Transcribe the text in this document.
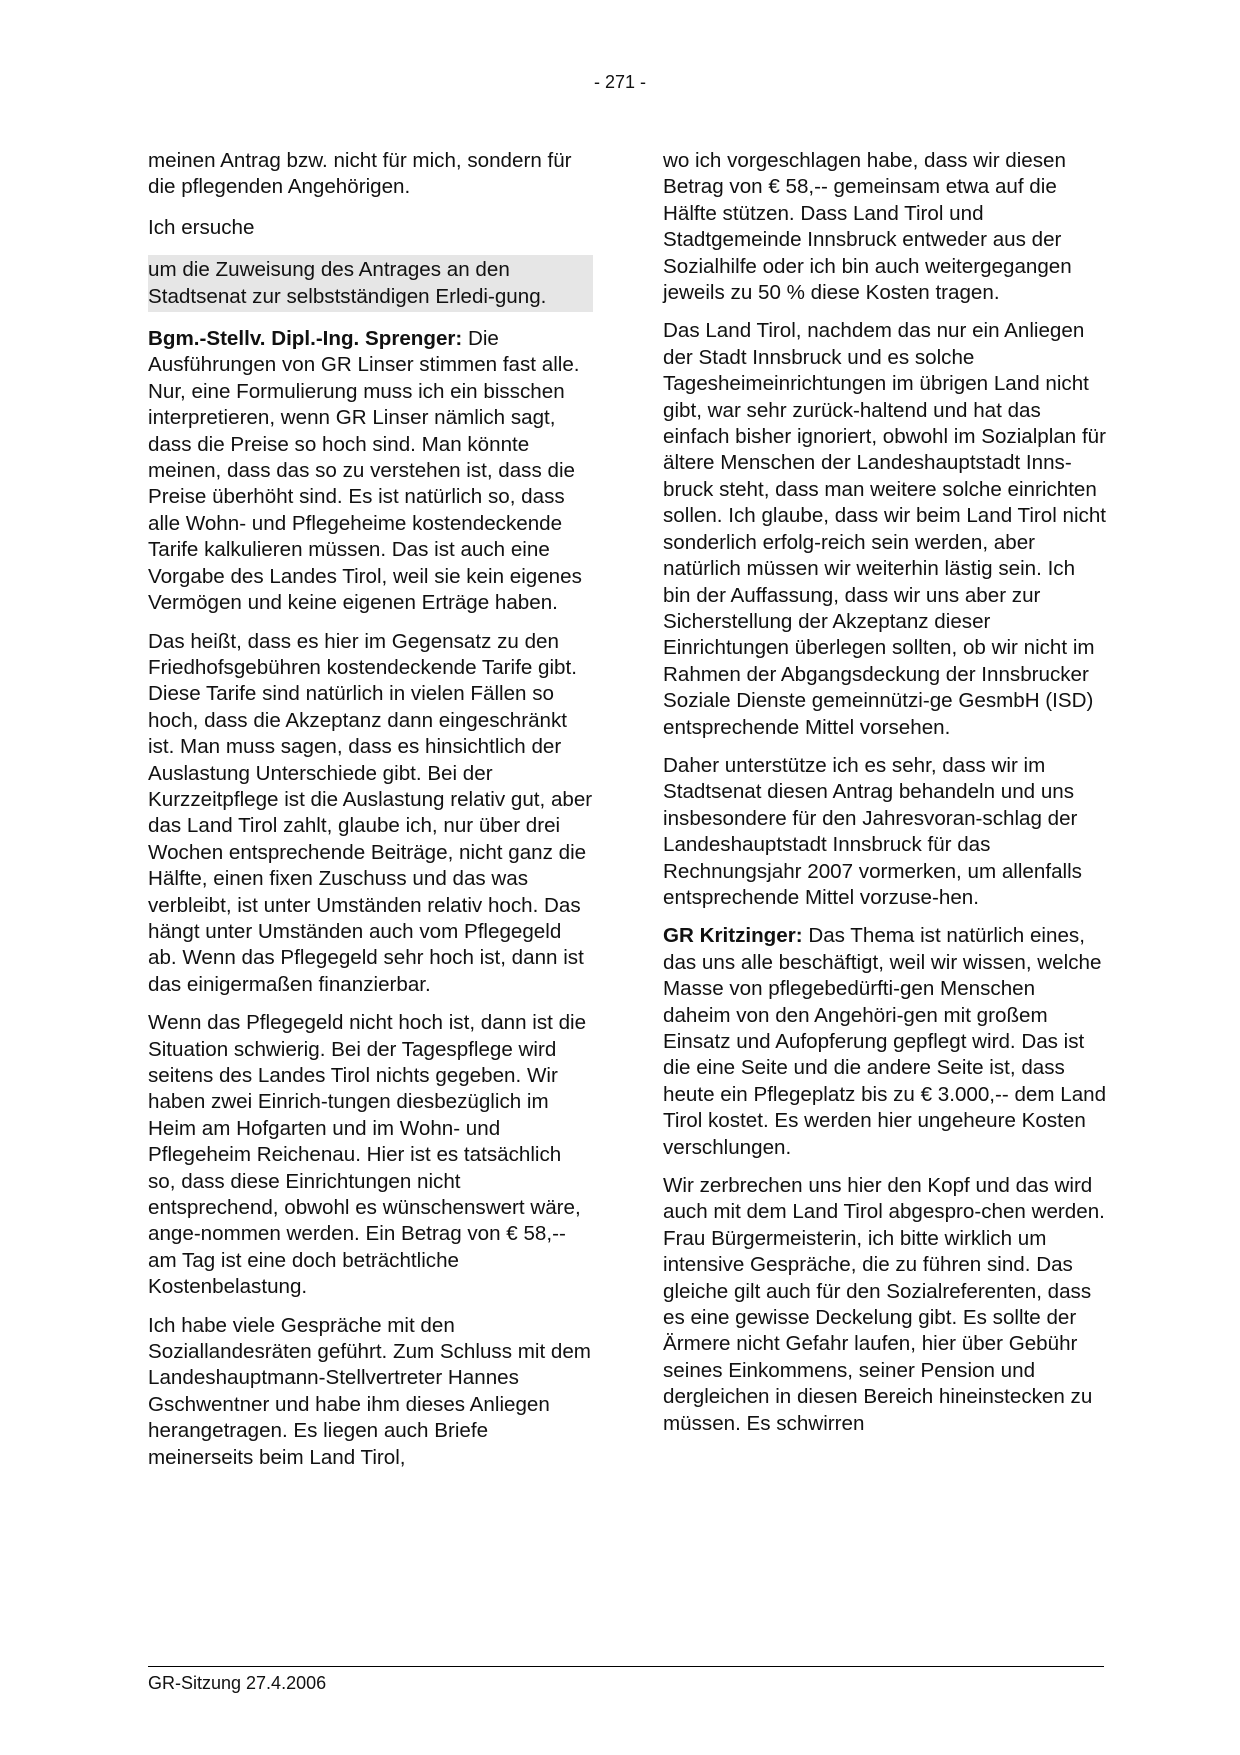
- 271 -

meinen Antrag bzw. nicht für mich, sondern für die pflegenden Angehörigen.

Ich ersuche

um die Zuweisung des Antrages an den Stadtsenat zur selbstständigen Erledi-gung.

Bgm.-Stellv. Dipl.-Ing. Sprenger: Die Ausführungen von GR Linser stimmen fast alle. Nur, eine Formulierung muss ich ein bisschen interpretieren, wenn GR Linser nämlich sagt, dass die Preise so hoch sind. Man könnte meinen, dass das so zu verstehen ist, dass die Preise überhöht sind. Es ist natürlich so, dass alle Wohn- und Pflegeheime kostendeckende Tarife kalkulieren müssen. Das ist auch eine Vorgabe des Landes Tirol, weil sie kein eigenes Vermögen und keine eigenen Erträge haben.

Das heißt, dass es hier im Gegensatz zu den Friedhofsgebühren kostendeckende Tarife gibt. Diese Tarife sind natürlich in vielen Fällen so hoch, dass die Akzeptanz dann eingeschränkt ist. Man muss sagen, dass es hinsichtlich der Auslastung Unterschiede gibt. Bei der Kurzzeitpflege ist die Auslastung relativ gut, aber das Land Tirol zahlt, glaube ich, nur über drei Wochen entsprechende Beiträge, nicht ganz die Hälfte, einen fixen Zuschuss und das was verbleibt, ist unter Umständen relativ hoch. Das hängt unter Umständen auch vom Pflegegeld ab. Wenn das Pflegegeld sehr hoch ist, dann ist das einigermaßen finanzierbar.

Wenn das Pflegegeld nicht hoch ist, dann ist die Situation schwierig. Bei der Tagespflege wird seitens des Landes Tirol nichts gegeben. Wir haben zwei Einrich-tungen diesbezüglich im Heim am Hofgarten und im Wohn- und Pflegeheim Reichenau. Hier ist es tatsächlich so, dass diese Einrichtungen nicht entsprechend, obwohl es wünschenswert wäre, ange-nommen werden. Ein Betrag von € 58,-- am Tag ist eine doch beträchtliche Kostenbelastung.

Ich habe viele Gespräche mit den Soziallandesräten geführt. Zum Schluss mit dem Landeshauptmann-Stellvertreter Hannes Gschwentner und habe ihm dieses Anliegen herangetragen. Es liegen auch Briefe meinerseits beim Land Tirol,

wo ich vorgeschlagen habe, dass wir diesen Betrag von € 58,-- gemeinsam etwa auf die Hälfte stützen. Dass Land Tirol und Stadtgemeinde Innsbruck entweder aus der Sozialhilfe oder ich bin auch weitergegangen jeweils zu 50 % diese Kosten tragen.

Das Land Tirol, nachdem das nur ein Anliegen der Stadt Innsbruck und es solche Tagesheimeinrichtungen im übrigen Land nicht gibt, war sehr zurück-haltend und hat das einfach bisher ignoriert, obwohl im Sozialplan für ältere Menschen der Landeshauptstadt Inns-bruck steht, dass man weitere solche einrichten sollen. Ich glaube, dass wir beim Land Tirol nicht sonderlich erfolg-reich sein werden, aber natürlich müssen wir weiterhin lästig sein. Ich bin der Auffassung, dass wir uns aber zur Sicherstellung der Akzeptanz dieser Einrichtungen überlegen sollten, ob wir nicht im Rahmen der Abgangsdeckung der Innsbrucker Soziale Dienste gemeinnützi-ge GesmbH (ISD) entsprechende Mittel vorsehen.

Daher unterstütze ich es sehr, dass wir im Stadtsenat diesen Antrag behandeln und uns insbesondere für den Jahresvoran-schlag der Landeshauptstadt Innsbruck für das Rechnungsjahr 2007 vormerken, um allenfalls entsprechende Mittel vorzuse-hen.

GR Kritzinger: Das Thema ist natürlich eines, das uns alle beschäftigt, weil wir wissen, welche Masse von pflegebedürfti-gen Menschen daheim von den Angehöri-gen mit großem Einsatz und Aufopferung gepflegt wird. Das ist die eine Seite und die andere Seite ist, dass heute ein Pflegeplatz bis zu € 3.000,-- dem Land Tirol kostet. Es werden hier ungeheure Kosten verschlungen.

Wir zerbrechen uns hier den Kopf und das wird auch mit dem Land Tirol abgespro-chen werden. Frau Bürgermeisterin, ich bitte wirklich um intensive Gespräche, die zu führen sind. Das gleiche gilt auch für den Sozialreferenten, dass es eine gewisse Deckelung gibt. Es sollte der Ärmere nicht Gefahr laufen, hier über Gebühr seines Einkommens, seiner Pension und dergleichen in diesen Bereich hineinstecken zu müssen. Es schwirren

GR-Sitzung 27.4.2006
